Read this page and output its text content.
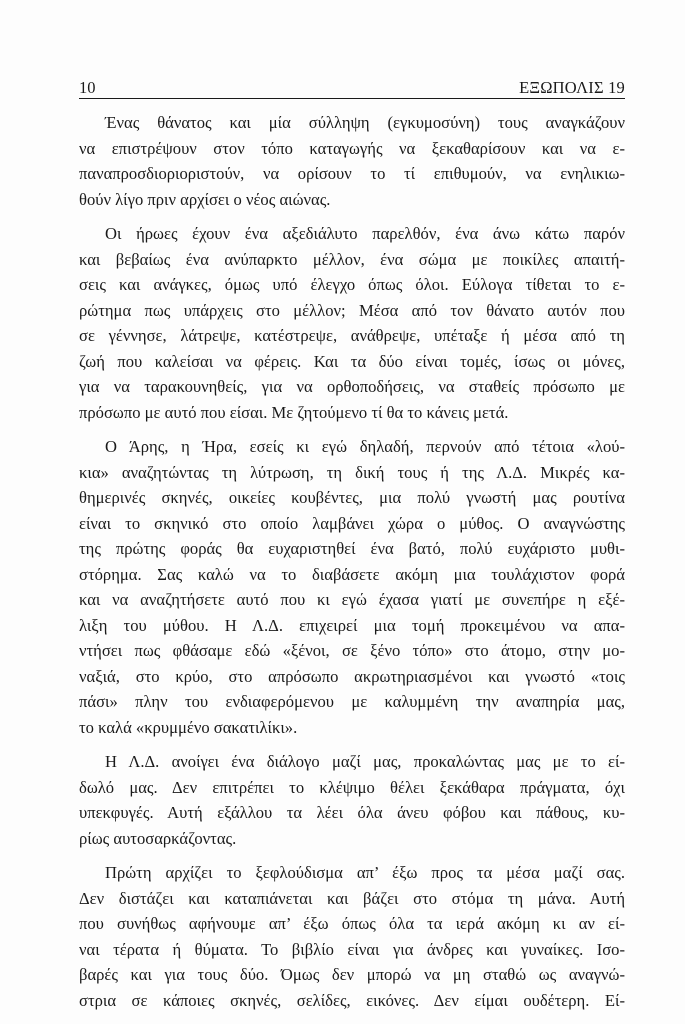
10	ΕΞΩΠΟΛΙΣ 19
Ένας θάνατος και μία σύλληψη (εγκυμοσύνη) τους αναγκάζουν
να επιστρέψουν στον τόπο καταγωγής να ξεκαθαρίσουν και να ε-
παναπροσδιοριοριστούν, να ορίσουν το τί επιθυμούν, να ενηλικιω-
θούν λίγο πριν αρχίσει ο νέος αιώνας.
Οι ήρωες έχουν ένα αξεδιάλυτο παρελθόν, ένα άνω κάτω παρόν
και βεβαίως ένα ανύπαρκτο μέλλον, ένα σώμα με ποικίλες απαιτή-
σεις και ανάγκες, όμως υπό έλεγχο όπως όλοι. Εύλογα τίθεται το ε-
ρώτημα πως υπάρχεις στο μέλλον; Μέσα από τον θάνατο αυτόν που
σε γέννησε, λάτρεψε, κατέστρεψε, ανάθρεψε, υπέταξε ή μέσα από τη
ζωή που καλείσαι να φέρεις. Και τα δύο είναι τομές, ίσως οι μόνες,
για να ταρακουνηθείς, για να ορθοποδήσεις, να σταθείς πρόσωπο με
πρόσωπο με αυτό που είσαι. Με ζητούμενο τί θα το κάνεις μετά.
Ο Άρης, η Ήρα, εσείς κι εγώ δηλαδή, περνούν από τέτοια «λού-
κια» αναζητώντας τη λύτρωση, τη δική τους ή της Λ.Δ. Μικρές κα-
θημερινές σκηνές, οικείες κουβέντες, μια πολύ γνωστή μας ρουτίνα
είναι το σκηνικό στο οποίο λαμβάνει χώρα ο μύθος. Ο αναγνώστης
της πρώτης φοράς θα ευχαριστηθεί ένα βατό, πολύ ευχάριστο μυθι-
στόρημα. Σας καλώ να το διαβάσετε ακόμη μια τουλάχιστον φορά
και να αναζητήσετε αυτό που κι εγώ έχασα γιατί με συνεπήρε η εξέ-
λιξη του μύθου. Η Λ.Δ. επιχειρεί μια τομή προκειμένου να απα-
ντήσει πως φθάσαμε εδώ «ξένοι, σε ξένο τόπο» στο άτομο, στην μο-
ναξιά, στο κρύο, στο απρόσωπο ακρωτηριασμένοι και γνωστό «τοις
πάσι» πλην του ενδιαφερόμενου με καλυμμένη την αναπηρία μας,
το καλά «κρυμμένο σακατιλίκι».
Η Λ.Δ. ανοίγει ένα διάλογο μαζί μας, προκαλώντας μας με το εί-
δωλό μας. Δεν επιτρέπει το κλέψιμο θέλει ξεκάθαρα πράγματα, όχι
υπεκφυγές. Αυτή εξάλλου τα λέει όλα άνευ φόβου και πάθους, κυ-
ρίως αυτοσαρκάζοντας.
Πρώτη αρχίζει το ξεφλούδισμα απ’ έξω προς τα μέσα μαζί σας.
Δεν διστάζει και καταπιάνεται και βάζει στο στόμα τη μάνα. Αυτή
που συνήθως αφήνουμε απ’ έξω όπως όλα τα ιερά ακόμη κι αν εί-
ναι τέρατα ή θύματα. Το βιβλίο είναι για άνδρες και γυναίκες. Ισο-
βαρές και για τους δύο. Όμως δεν μπορώ να μη σταθώ ως αναγνώ-
στρια σε κάποιες σκηνές, σελίδες, εικόνες. Δεν είμαι ουδέτερη. Εί-
